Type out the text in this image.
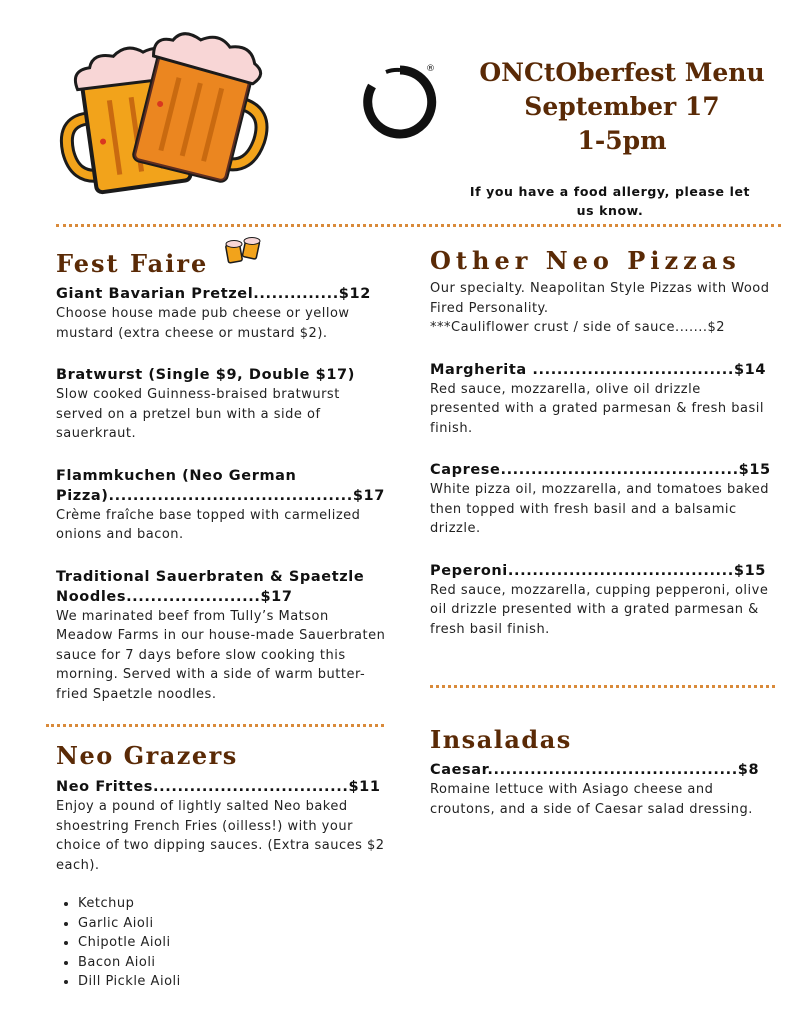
®	ONCtOberfest Menu
September 17
1-5pm
If you have a food allergy, please let us know.
Fest Faire
Giant Bavarian Pretzel..............$12
Choose house made pub cheese or yellow mustard (extra cheese or mustard $2).
Bratwurst (Single $9, Double $17)
Slow cooked Guinness-braised bratwurst served on a pretzel bun with a side of sauerkraut.
Flammkuchen (Neo German Pizza)........................................$17
Crème fraîche base topped with carmelized onions and bacon.
Traditional Sauerbraten & Spaetzle Noodles......................$17
We marinated beef from Tully’s Matson Meadow Farms in our house-made Sauerbraten sauce for 7 days before slow cooking this morning. Served with a side of warm butter-fried Spaetzle noodles.
Neo Grazers
Neo Frittes................................$11
Enjoy a pound of lightly salted Neo baked shoestring French Fries (oilless!) with your choice of two dipping sauces. (Extra sauces $2 each).
• Ketchup
• Garlic Aioli
• Chipotle Aioli
• Bacon Aioli
• Dill Pickle Aioli
Other Neo Pizzas
Our specialty. Neapolitan Style Pizzas with Wood Fired Personality.
***Cauliflower crust / side of sauce.......$2
Margherita .................................$14
Red sauce, mozzarella, olive oil drizzle presented with a grated parmesan & fresh basil finish.
Caprese.......................................$15
White pizza oil, mozzarella, and tomatoes baked then topped with fresh basil and a balsamic drizzle.
Peperoni.....................................$15
Red sauce, mozzarella, cupping pepperoni, olive oil drizzle presented with a grated parmesan & fresh basil finish.
Insaladas
Caesar.........................................$8
Romaine lettuce with Asiago cheese and croutons, and a side of Caesar salad dressing.
